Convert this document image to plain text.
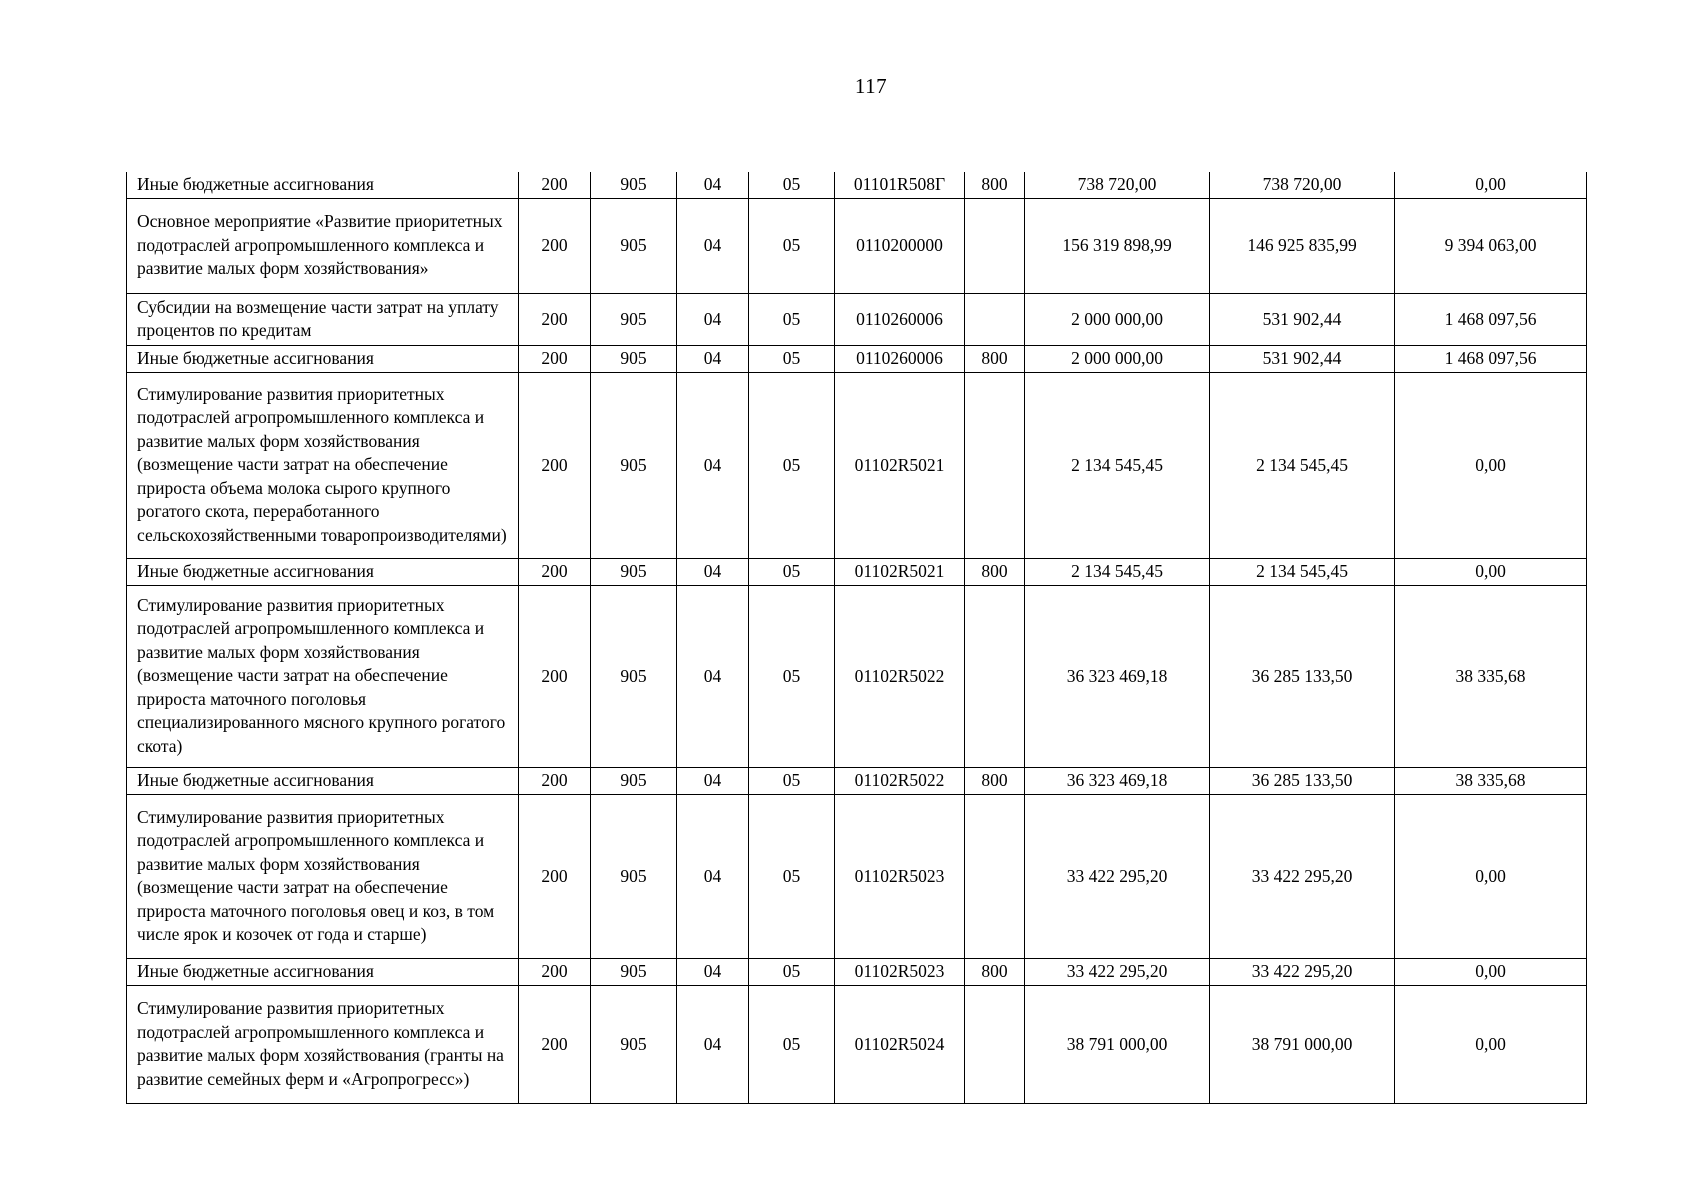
117
Иные бюджетные ассигнования	200	905	04	05	01101R508Г	800	738 720,00	738 720,00	0,00
Основное мероприятие «Развитие приоритетных подотраслей агропромышленного комплекса и развитие малых форм хозяйствования»	200	905	04	05	0110200000		156 319 898,99	146 925 835,99	9 394 063,00
Субсидии на возмещение части затрат на уплату процентов по кредитам	200	905	04	05	0110260006		2 000 000,00	531 902,44	1 468 097,56
Иные бюджетные ассигнования	200	905	04	05	0110260006	800	2 000 000,00	531 902,44	1 468 097,56
Стимулирование развития приоритетных подотраслей агропромышленного комплекса и развитие малых форм хозяйствования (возмещение части затрат на обеспечение прироста объема молока сырого крупного рогатого скота, переработанного сельскохозяйственными товаропроизводителями)	200	905	04	05	01102R5021		2 134 545,45	2 134 545,45	0,00
Иные бюджетные ассигнования	200	905	04	05	01102R5021	800	2 134 545,45	2 134 545,45	0,00
Стимулирование развития приоритетных подотраслей агропромышленного комплекса и развитие малых форм хозяйствования (возмещение части затрат на обеспечение прироста маточного поголовья специализированного мясного крупного рогатого скота)	200	905	04	05	01102R5022		36 323 469,18	36 285 133,50	38 335,68
Иные бюджетные ассигнования	200	905	04	05	01102R5022	800	36 323 469,18	36 285 133,50	38 335,68
Стимулирование развития приоритетных подотраслей агропромышленного комплекса и развитие малых форм хозяйствования (возмещение части затрат на обеспечение прироста маточного поголовья овец и коз, в том числе ярок и козочек от года и старше)	200	905	04	05	01102R5023		33 422 295,20	33 422 295,20	0,00
Иные бюджетные ассигнования	200	905	04	05	01102R5023	800	33 422 295,20	33 422 295,20	0,00
Стимулирование развития приоритетных подотраслей агропромышленного комплекса и развитие малых форм хозяйствования (гранты на развитие семейных ферм и «Агропрогресс»)	200	905	04	05	01102R5024		38 791 000,00	38 791 000,00	0,00
